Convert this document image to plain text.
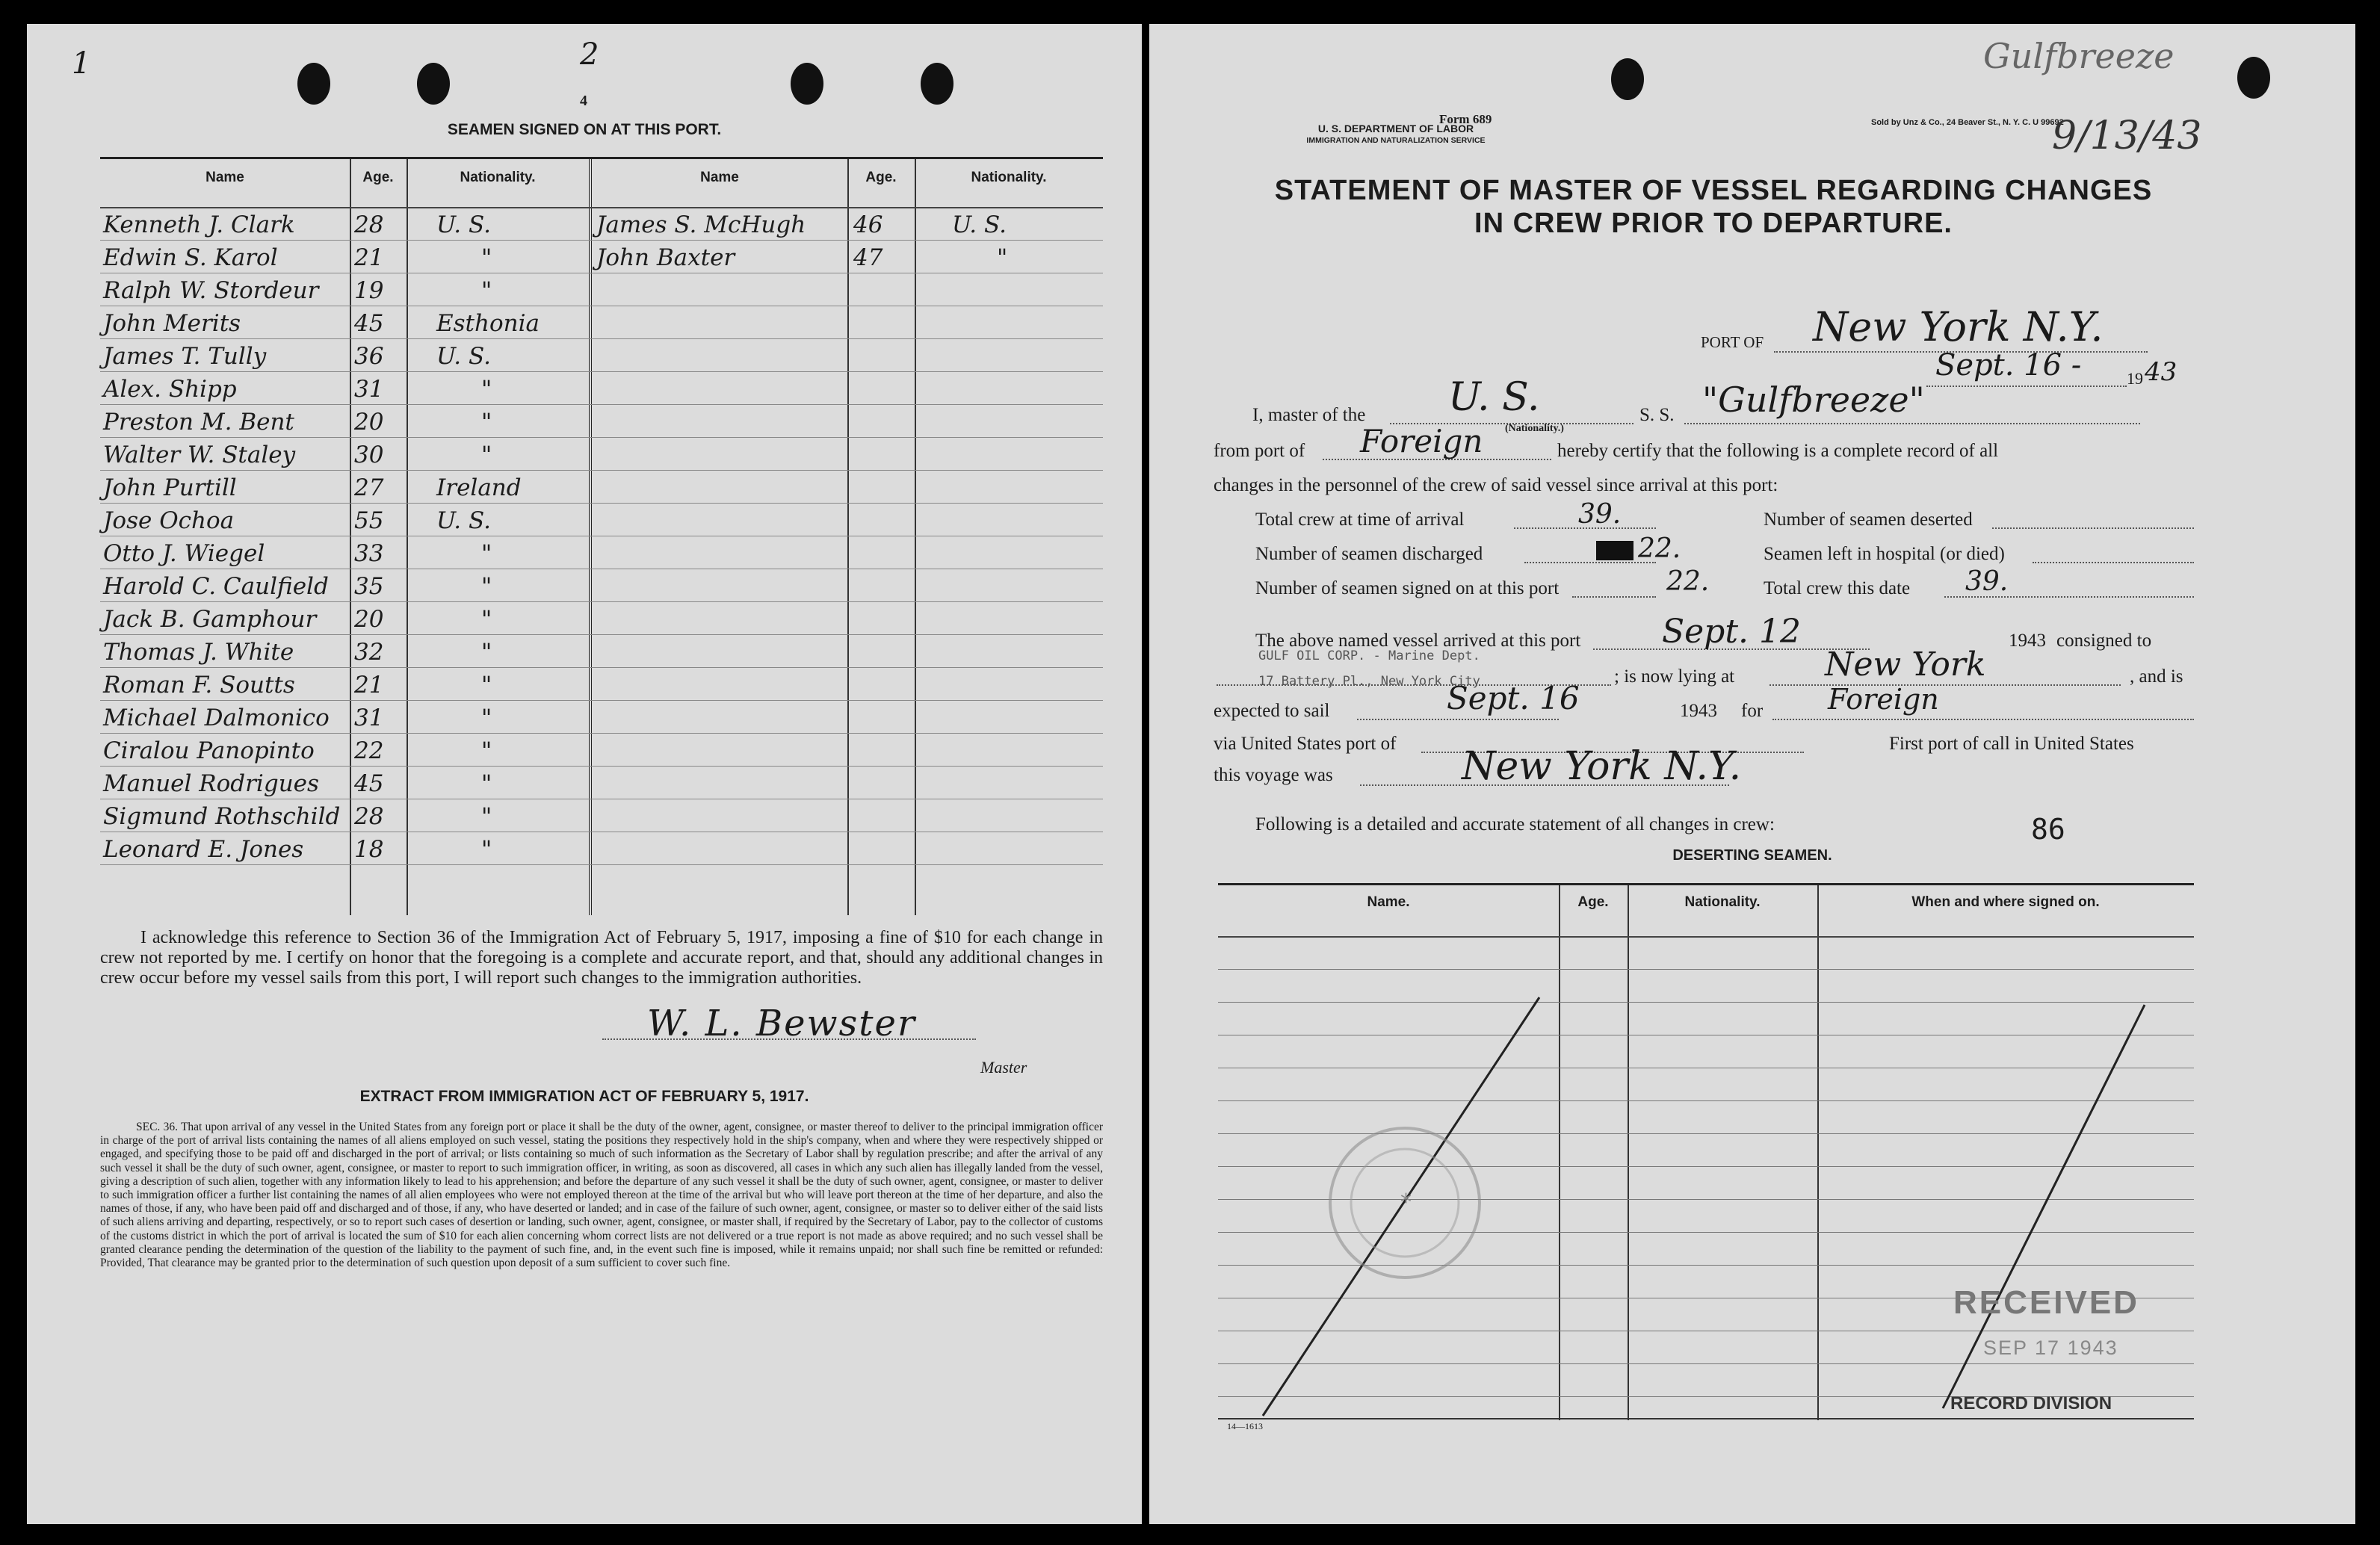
1	2
4
SEAMEN SIGNED ON AT THIS PORT.
Name	Age.	Nationality.	Name	Age.	Nationality.
Kenneth J. Clark	28 U. S.	James S. McHugh 46	U. S.
Edwin S. Karol	21	"	John Baxter	47	"
Ralph W. Stordeur 19	"
John Merits	45 Esthonia
James T. Tully	36 U. S.
Alex. Shipp	31	"
Preston M. Bent	20	"
Walter W. Staley	30	"
John Purtill	27 Ireland
Jose Ochoa	55 U. S.
Otto J. Wiegel	33	"
Harold C. Caulfield 35	"
Jack B. Gamphour 20	"
Thomas J. White	32	"
Roman F. Soutts	21	"
Michael Dalmonico 31	"
Ciralou Panopinto 22	"
Manuel Rodrigues 45	"
Sigmund Rothschild 28	"
Leonard E. Jones 18	"
I acknowledge this reference to Section 36 of the Immigration Act of February 5, 1917, imposing a fine of $10 for each change in crew not reported by me. I certify on honor that the foregoing is a complete and accurate report, and that, should any additional changes in crew occur before my vessel sails from this port, I will report such changes to the immigration authorities.
W. L. Bewster
Master
EXTRACT FROM IMMIGRATION ACT OF FEBRUARY 5, 1917.
SEC. 36. That upon arrival of any vessel in the United States from any foreign port or place it shall be the duty of the owner, agent, consignee, or master thereof to deliver to the principal immigration officer in charge of the port of arrival lists containing the names of all aliens employed on such vessel, stating the positions they respectively hold in the ship's company, when and where they were respectively shipped or engaged, and specifying those to be paid off and discharged in the port of arrival; or lists containing so much of such information as the Secretary of Labor shall by regulation prescribe; and after the arrival of any such vessel it shall be the duty of such owner, agent, consignee, or master to report to such immigration officer, in writing, as soon as discovered, all cases in which any such alien has illegally landed from the vessel, giving a description of such alien, together with any information likely to lead to his apprehension; and before the departure of any such vessel it shall be the duty of such owner, agent, consignee, or master to deliver to such immigration officer a further list containing the names of all alien employees who were not employed thereon at the time of the arrival but who will leave port thereon at the time of her departure, and also the names of those, if any, who have been paid off and discharged and of those, if any, who have deserted or landed; and in case of the failure of such owner, agent, consignee, or master so to deliver either of the said lists of such aliens arriving and departing, respectively, or so to report such cases of desertion or landing, such owner, agent, consignee, or master shall, if required by the Secretary of Labor, pay to the collector of customs of the customs district in which the port of arrival is located the sum of $10 for each alien concerning whom correct lists are not delivered or a true report is not made as above required; and no such vessel shall be granted clearance pending the determination of the question of the liability to the payment of such fine, and, in the event such fine is imposed, while it remains unpaid; nor shall such fine be remitted or refunded: Provided, That clearance may be granted prior to the determination of such question upon deposit of a sum sufficient to cover such fine.
Form 689
U. S. DEPARTMENT OF LABOR
IMMIGRATION AND NATURALIZATION SERVICE
Sold by Unz & Co., 24 Beaver St., N. Y. C. U 99692
Gulfbreeze
9/13/43
STATEMENT OF MASTER OF VESSEL REGARDING CHANGES
IN CREW PRIOR TO DEPARTURE.
PORT OF New York N.Y.
Sept. 16 -	19 43
I, master of the U. S.
(Nationality.)
S. S. "Gulfbreeze"
from port of Foreign	hereby certify that the following is a complete record of all
changes in the personnel of the crew of said vessel since arrival at this port:
Total crew at time of arrival	39.	Number of seamen deserted
Number of seamen discharged	22.	Seamen left in hospital (or died)
Number of seamen signed on at this port	22.	Total crew this date 39.
The above named vessel arrived at this port Sept. 12	1943 consigned to
GULF OIL CORP. - Marine Dept.
17 Battery Pl., New York City	; is now lying at	New York	, and is
expected to sail	Sept. 16	1943 for Foreign
via United States port of	First port of call in United States
this voyage was	New York N.Y.
Following is a detailed and accurate statement of all changes in crew:	86
DESERTING SEAMEN.
Name.	Age.	Nationality.	When and where signed on.
*
RECEIVED
SEP 17 1943
RECORD DIVISION
14—1613
